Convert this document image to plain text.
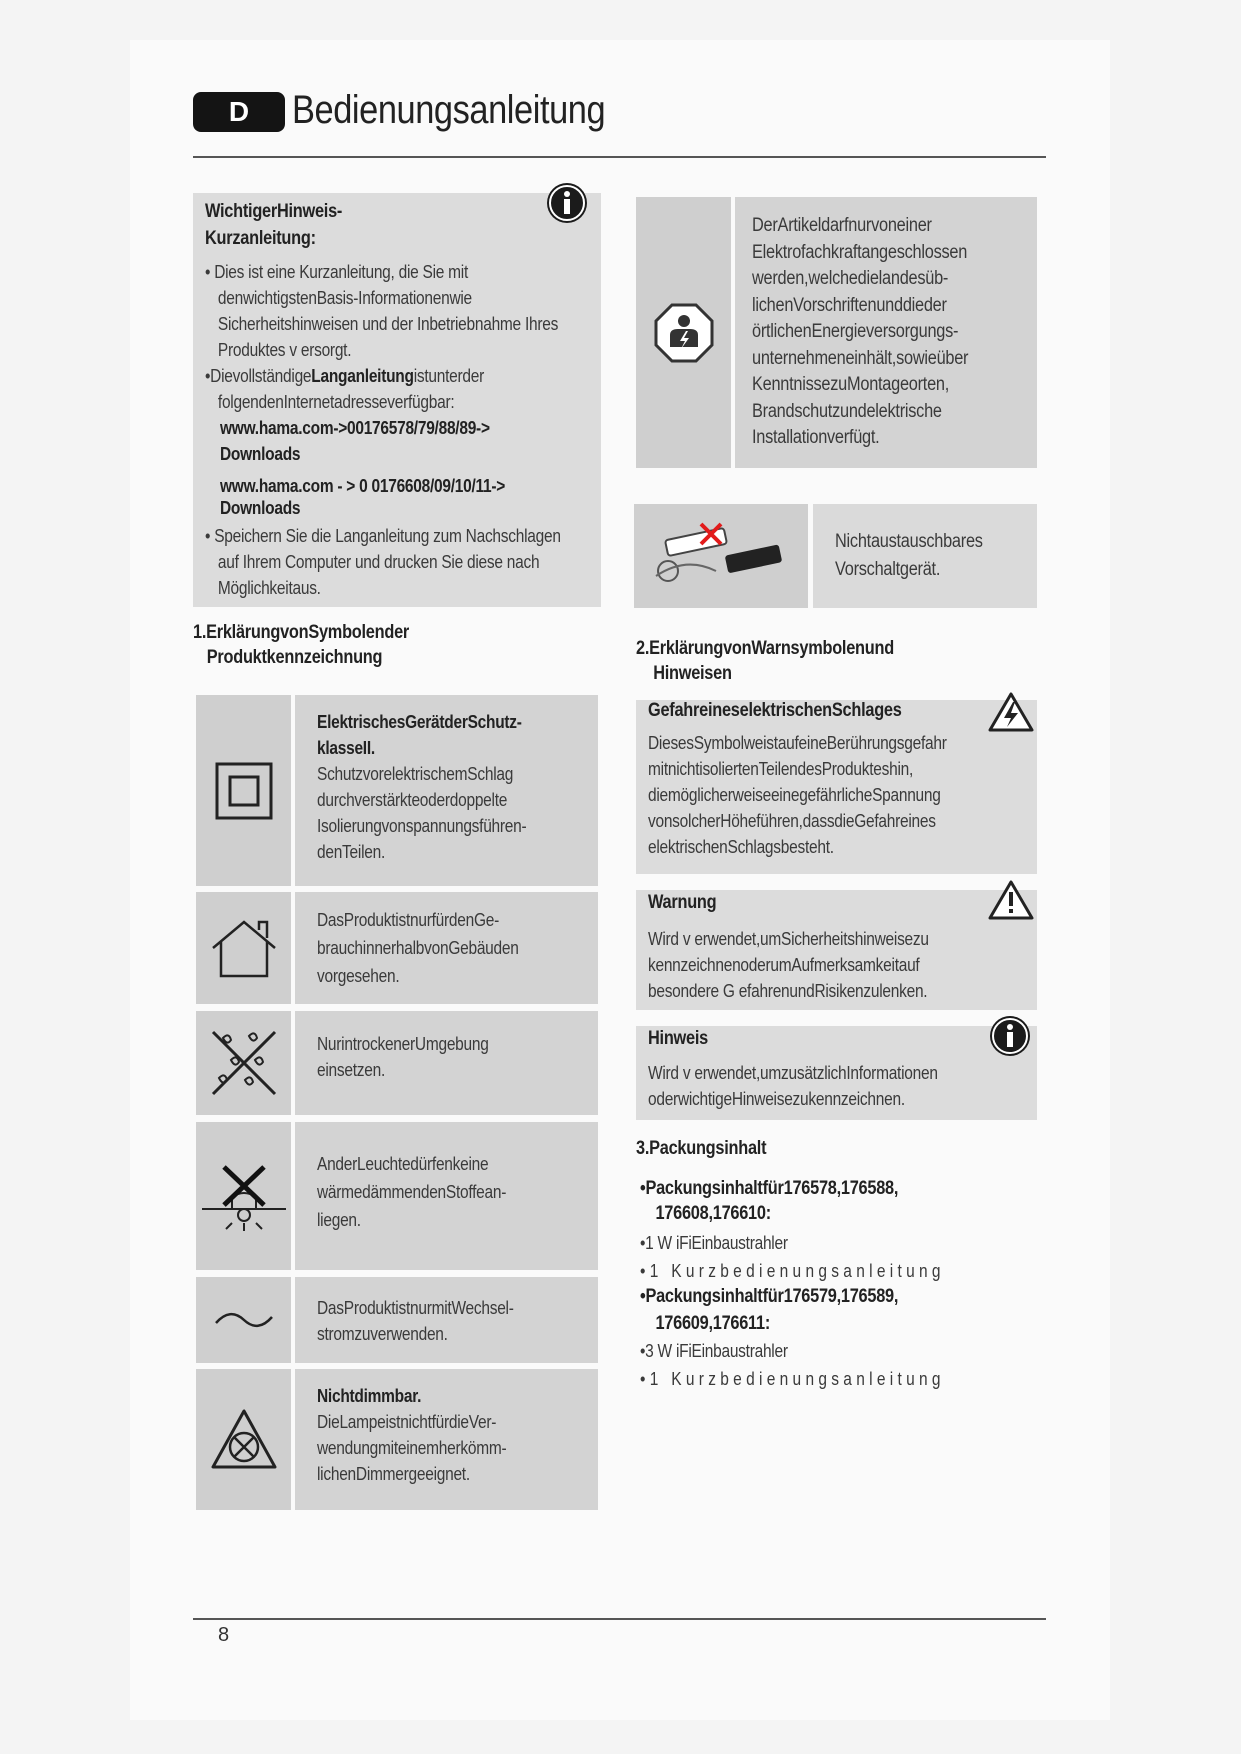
D	Bedienungsanleitung
WichtigerHinweis-
Kurzanleitung:
• Dies ist eine Kurzanleitung, die Sie mit
denwichtigstenBasis-Informationenwie
Sicherheitshinweisen und der Inbetriebnahme Ihres
Produktes v ersorgt.
•DievollständigeLanganleitungistunterder
folgendenInternetadresseverfügbar:
www.hama.com->00176578/79/88/89->
Downloads
www.hama.com - > 0 0176608/09/10/11->
Downloads
• Speichern Sie die Langanleitung zum Nachschlagen
auf Ihrem Computer und drucken Sie diese nach
Möglichkeitaus.
DerArtikeldarfnurvoneiner
Elektrofachkraftangeschlossen
werden,welchedielandesüb-
lichenVorschriftenunddieder
örtlichenEnergieversorgungs-
unternehmeneinhält,sowieüber
KenntnissezuMontageorten,
Brandschutzundelektrische
Installationverfügt.
Nichtaustauschbares
Vorschaltgerät.
1.ErklärungvonSymbolender
Produktkennzeichnung
ElektrischesGerätderSchutz-
klasseII.
SchutzvorelektrischemSchlag
durchverstärkteoderdoppelte
Isolierungvonspannungsführen-
denTeilen.
DasProduktistnurfürdenGe-
brauchinnerhalbvonGebäuden
vorgesehen.
NurintrockenerUmgebung
einsetzen.
AnderLeuchtedürfenkeine
wärmedämmendenStoffean-
liegen.
DasProduktistnurmitWechsel-
stromzuverwenden.
Nichtdimmbar.
DieLampeistnichtfürdieVer-
wendungmiteinemherkömm-
lichenDimmergeeignet.
2.ErklärungvonWarnsymbolenund
Hinweisen
GefahreineselektrischenSchlages
DiesesSymbolweistaufeineBerührungsgefahr
mitnichtisoliertenTeilendesProdukteshin,
diemöglicherweiseeinegefährlicheSpannung
vonsolcherHöheführen,dassdieGefahreines
elektrischenSchlagsbesteht.
Warnung
Wird v erwendet,umSicherheitshinweisezu
kennzeichnenoderumAufmerksamkeitauf
besondere G efahrenundRisikenzulenken.
Hinweis
Wird v erwendet,umzusätzlichInformationen
oderwichtigeHinweisezukennzeichnen.
3.Packungsinhalt
•Packungsinhaltfür176578,176588,
176608,176610:
•1 W iFiEinbaustrahler
•1 Kurzbedienungsanleitung
•Packungsinhaltfür176579,176589,
176609,176611:
•3 W iFiEinbaustrahler
•1 Kurzbedienungsanleitung
8
